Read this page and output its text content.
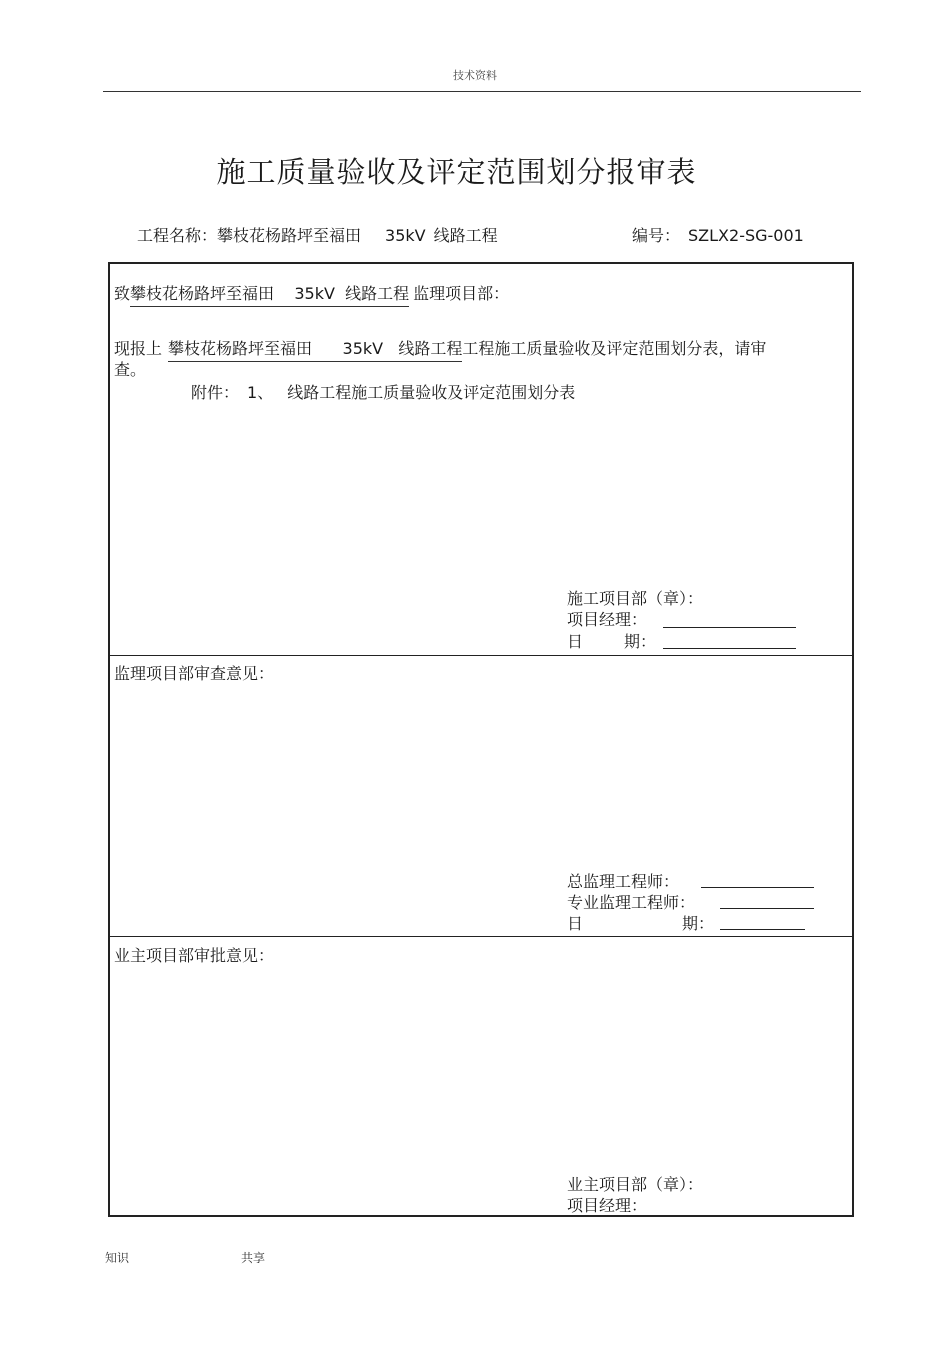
技术资料
施工质量验收及评定范围划分报审表
工程名称：攀枝花杨路坪至福田 35kV 线路工程	编号： SZLX2-SG-001
致攀枝花杨路坪至福田    35kV  线路工程 监理项目部：
现报上 攀枝花杨路坪至福田      35kV   线路工程工程施工质量验收及评定范围划分表，请审
查。
附件： 1、 线路工程施工质量验收及评定范围划分表
施工项目部（章）：
项目经理：
日	期：
监理项目部审查意见：
总监理工程师：
专业监理工程师：
日	期：
业主项目部审批意见：
业主项目部（章）：
项目经理：
知识	共享
